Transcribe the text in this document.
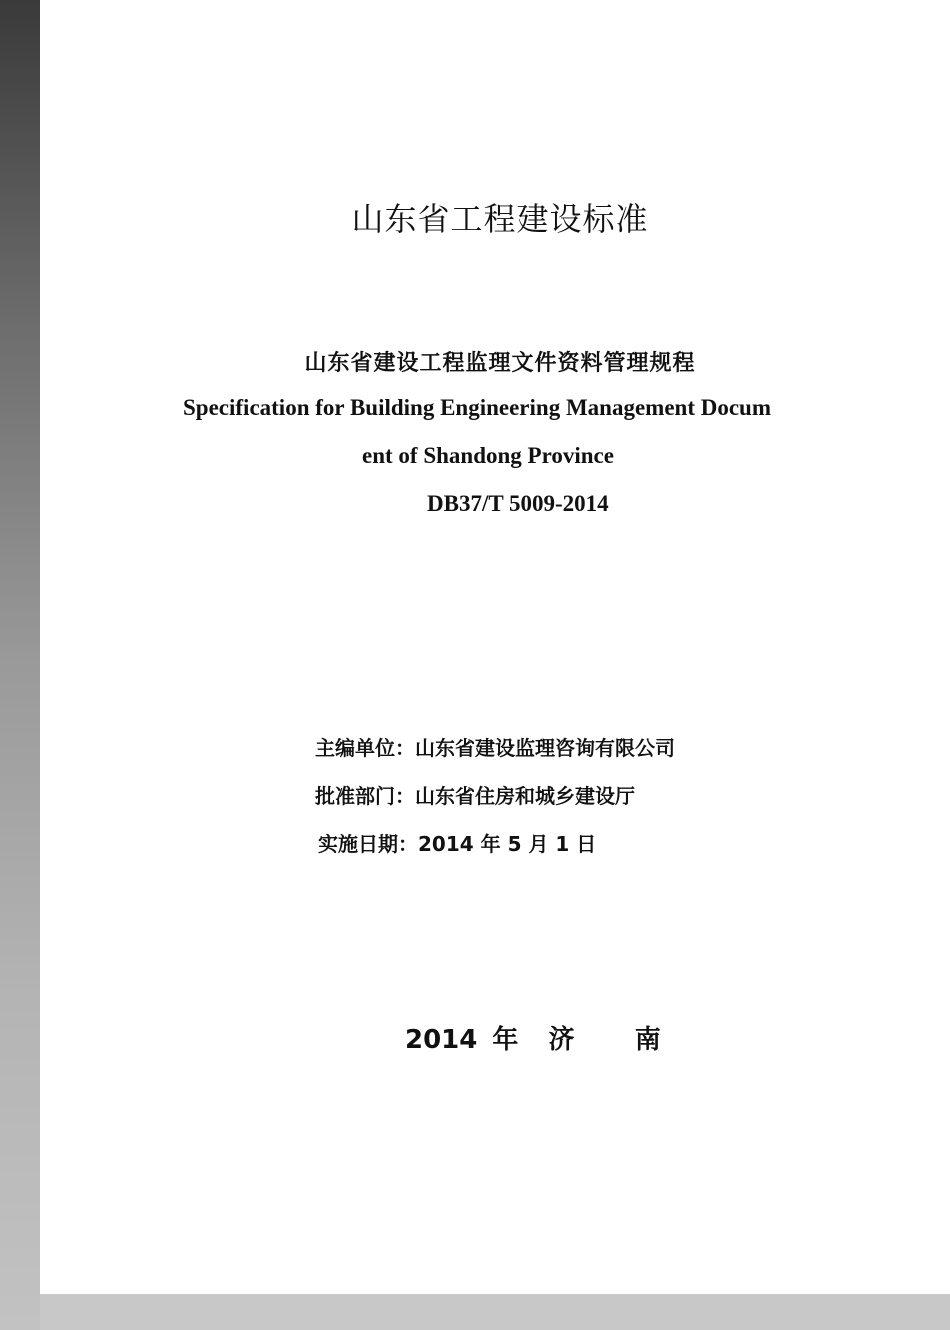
山东省工程建设标准
山东省建设工程监理文件资料管理规程
Specification for Building Engineering Management Docum
ent of Shandong Province
DB37/T 5009-2014
主编单位：山东省建设监理咨询有限公司
批准部门：山东省住房和城乡建设厅
实施日期：2014 年 5 月 1 日
2014 年  济    南
